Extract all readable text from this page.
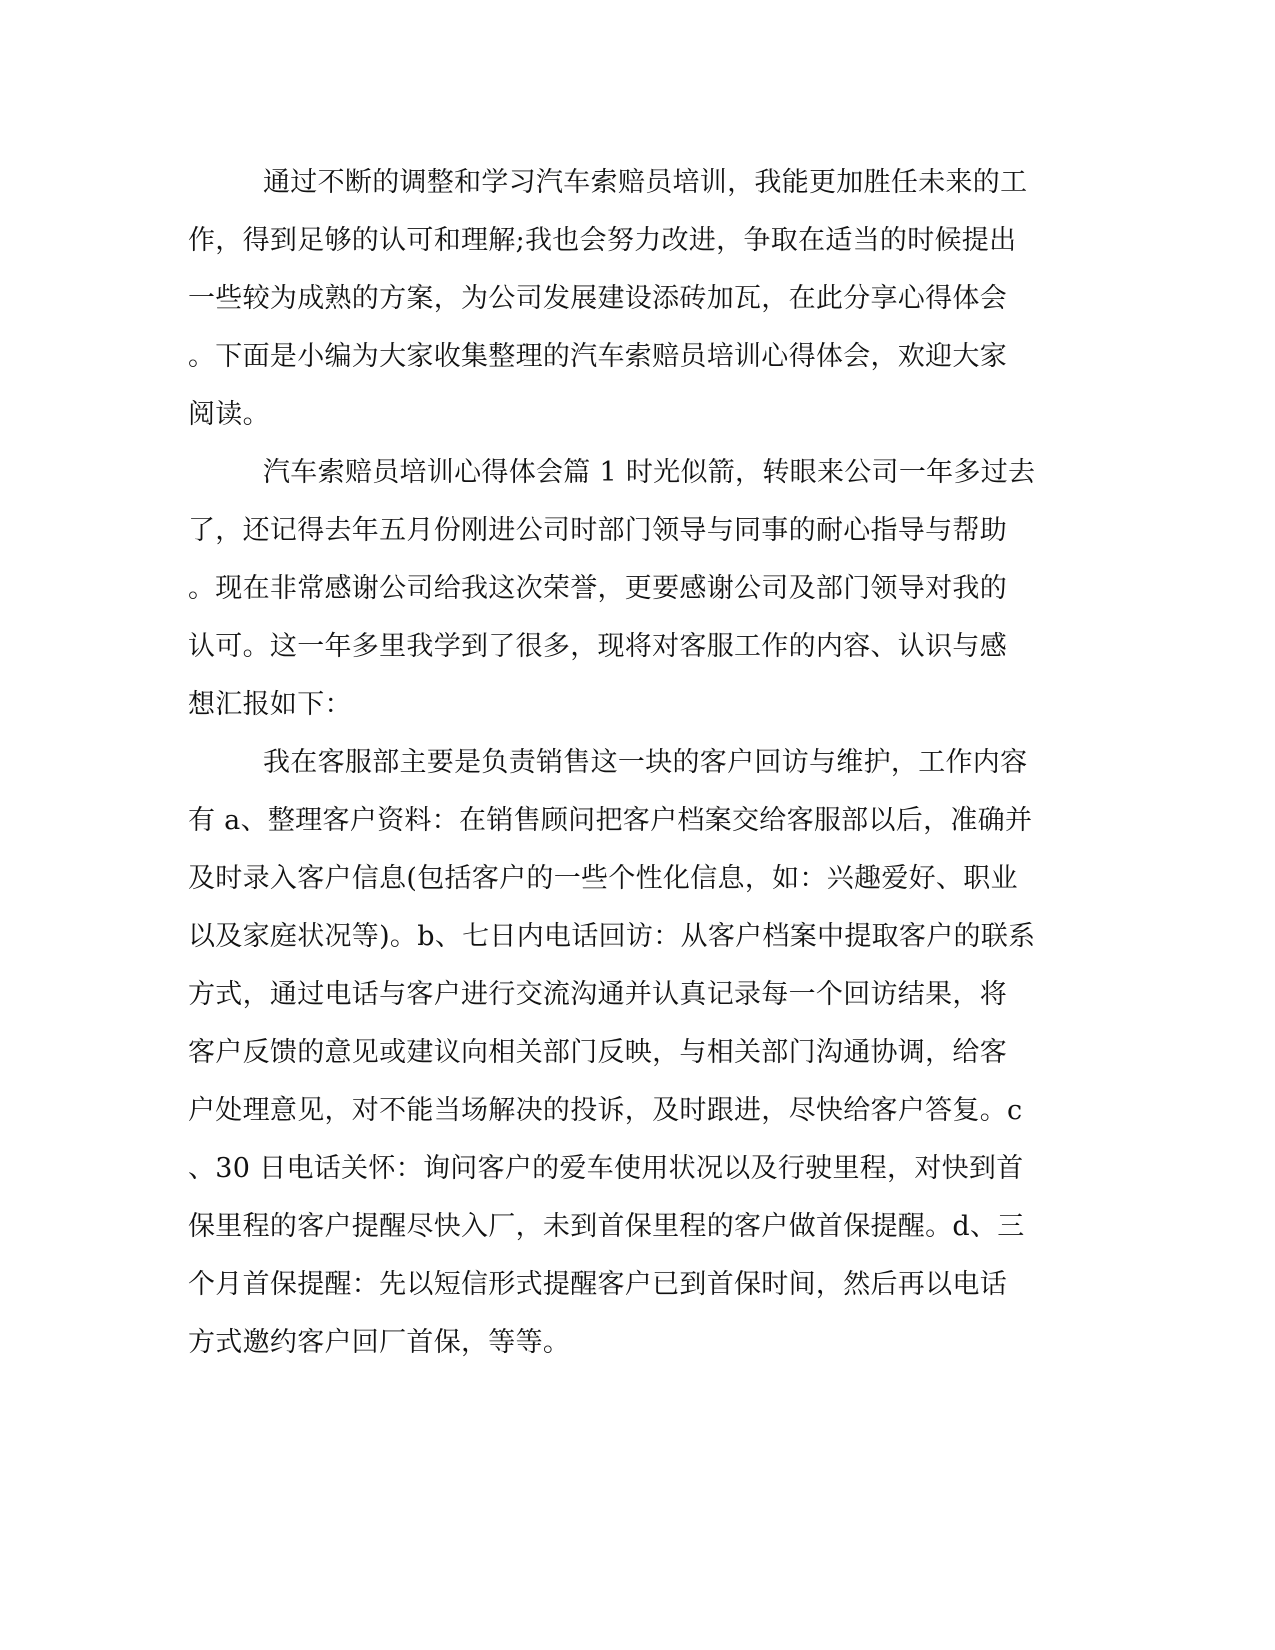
通过不断的调整和学习汽车索赔员培训，我能更加胜任未来的工
作，得到足够的认可和理解;我也会努力改进，争取在适当的时候提出
一些较为成熟的方案，为公司发展建设添砖加瓦，在此分享心得体会
。下面是小编为大家收集整理的汽车索赔员培训心得体会，欢迎大家
阅读。
汽车索赔员培训心得体会篇 1 时光似箭，转眼来公司一年多过去
了，还记得去年五月份刚进公司时部门领导与同事的耐心指导与帮助
。现在非常感谢公司给我这次荣誉，更要感谢公司及部门领导对我的
认可。这一年多里我学到了很多，现将对客服工作的内容、认识与感
想汇报如下：
我在客服部主要是负责销售这一块的客户回访与维护，工作内容
有 a、整理客户资料：在销售顾问把客户档案交给客服部以后，准确并
及时录入客户信息(包括客户的一些个性化信息，如：兴趣爱好、职业
以及家庭状况等)。b、七日内电话回访：从客户档案中提取客户的联系
方式，通过电话与客户进行交流沟通并认真记录每一个回访结果，将
客户反馈的意见或建议向相关部门反映，与相关部门沟通协调，给客
户处理意见，对不能当场解决的投诉，及时跟进，尽快给客户答复。c
、30 日电话关怀：询问客户的爱车使用状况以及行驶里程，对快到首
保里程的客户提醒尽快入厂，未到首保里程的客户做首保提醒。d、三
个月首保提醒：先以短信形式提醒客户已到首保时间，然后再以电话
方式邀约客户回厂首保，等等。
